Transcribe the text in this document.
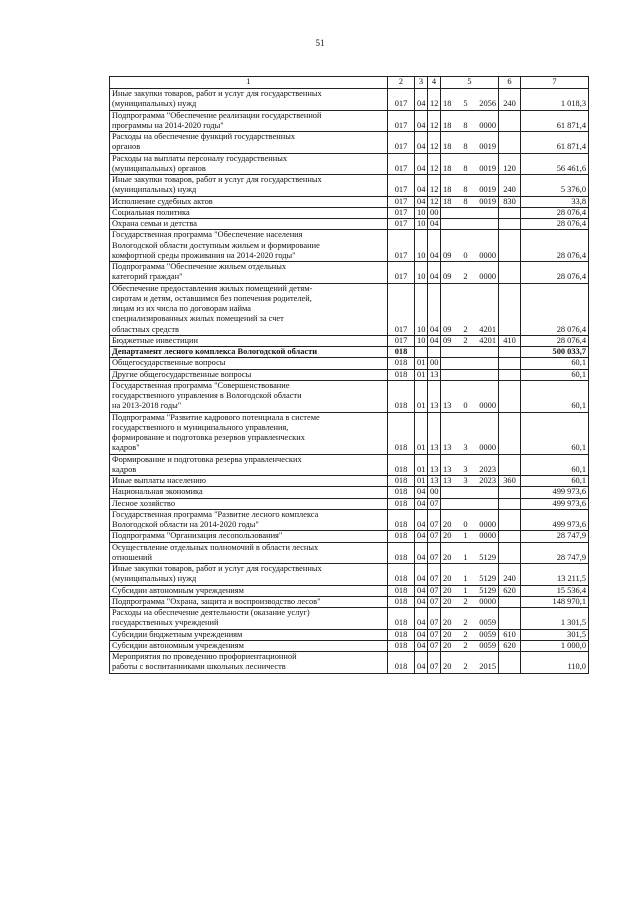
51
1	2	3	4	5	6	7
Иные закупки товаров, работ и услуг для государственных
(муниципальных) нужд	017	04	12	18 5 2056	240	1 018,3
Подпрограмма "Обеспечение реализации государственной
программы на 2014-2020 годы"	017	04	12	18 8 0000		61 871,4
Расходы на обеспечение функций государственных
органов	017	04	12	18 8 0019		61 871,4
Расходы на выплаты персоналу государственных
(муниципальных) органов	017	04	12	18 8 0019	120	56 461,6
Иные закупки товаров, работ и услуг для государственных
(муниципальных) нужд	017	04	12	18 8 0019	240	5 376,0
Исполнение судебных актов	017	04	12	18 8 0019	830	33,8
Социальная политика	017	10	00			28 076,4
Охрана семьи и детства	017	10	04			28 076,4
Государственная программа "Обеспечение населения
Вологодской области доступным жильем и формирование
комфортной среды проживания на 2014-2020 годы"	017	10	04	09 0 0000		28 076,4
Подпрограмма "Обеспечение жильем отдельных
категорий граждан"	017	10	04	09 2 0000		28 076,4
Обеспечение предоставления жилых помещений детям-
сиротам и детям, оставшимся без попечения родителей,
лицам из их числа по договорам найма
специализированных жилых помещений за счет
областных средств	017	10	04	09 2 4201		28 076,4
Бюджетные инвестиции	017	10	04	09 2 4201	410	28 076,4
Департамент лесного комплекса Вологодской области	018					500 033,7
Общегосударственные вопросы	018	01	00			60,1
Другие общегосударственные вопросы	018	01	13			60,1
Государственная программа "Совершенствование
государственного управления в Вологодской области
на 2013-2018 годы"	018	01	13	13 0 0000		60,1
Подпрограмма "Развитие кадрового потенциала в системе
государственного и муниципального управления,
формирование и подготовка резервов управленческих
кадров"	018	01	13	13 3 0000		60,1
Формирование и подготовка резерва управленческих
кадров	018	01	13	13 3 2023		60,1
Иные выплаты населению	018	01	13	13 3 2023	360	60,1
Национальная экономика	018	04	00			499 973,6
Лесное хозяйство	018	04	07			499 973,6
Государственная программа "Развитие лесного комплекса
Вологодской области на 2014-2020 годы"	018	04	07	20 0 0000		499 973,6
Подпрограмма "Организация лесопользования"	018	04	07	20 1 0000		28 747,9
Осуществление отдельных полномочий в области лесных
отношений	018	04	07	20 1 5129		28 747,9
Иные закупки товаров, работ и услуг для государственных
(муниципальных) нужд	018	04	07	20 1 5129	240	13 211,5
Субсидии автономным учреждениям	018	04	07	20 1 5129	620	15 536,4
Подпрограмма "Охрана, защита и воспроизводство лесов"	018	04	07	20 2 0000		148 970,1
Расходы на обеспечение деятельности (оказание услуг)
государственных учреждений	018	04	07	20 2 0059		1 301,5
Субсидии бюджетным учреждениям	018	04	07	20 2 0059	610	301,5
Субсидии автономным учреждениям	018	04	07	20 2 0059	620	1 000,0
Мероприятия по проведению профориентационной
работы с воспитанниками школьных лесничеств	018	04	07	20 2 2015		110,0
